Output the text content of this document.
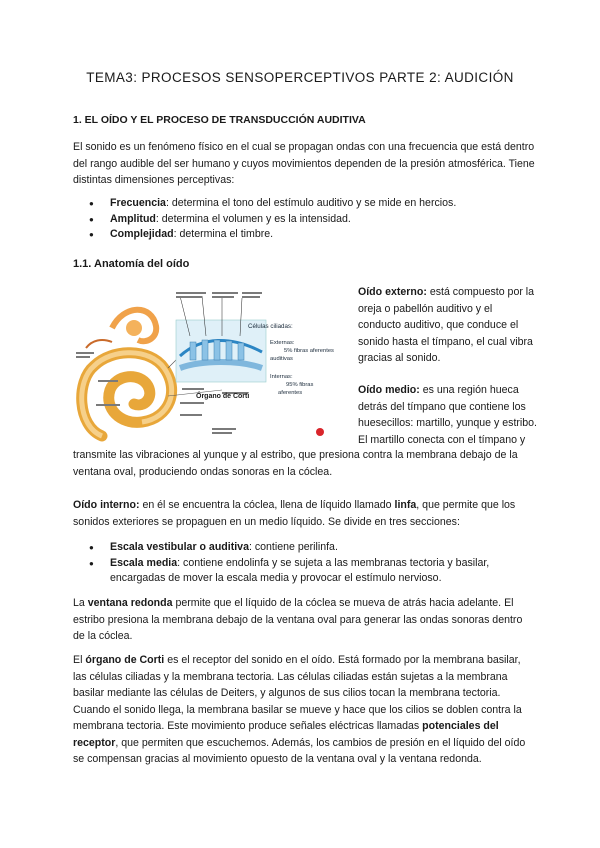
TEMA3: PROCESOS SENSOPERCEPTIVOS PARTE 2: AUDICIÓN
1. EL OÍDO Y EL PROCESO DE TRANSDUCCIÓN AUDITIVA

El sonido es un fenómeno físico en el cual se propagan ondas con una frecuencia que está dentro del rango audible del ser humano y cuyos movimientos dependen de la presión atmosférica. Tiene distintas dimensiones perceptivas:

● Frecuencia: determina el tono del estímulo auditivo y se mide en hercios.
● Amplitud: determina el volumen y es la intensidad.
● Complejidad: determina el timbre.
1.1. Anatomía del oído
Células ciliadas:
Externas:
5% fibras aferentes
auditivas
Internas:
95% fibras
aferentes
Órgano de Corti

Oído externo: está compuesto por la oreja o pabellón auditivo y el conducto auditivo, que conduce el sonido hasta el tímpano, el cual vibra gracias al sonido.

Oído medio: es una región hueca detrás del tímpano que contiene los huesecillos: martillo, yunque y estribo. El martillo conecta con el tímpano y

transmite las vibraciones al yunque y al estribo, que presiona contra la membrana debajo de la ventana oval, produciendo ondas sonoras en la cóclea.

Oído interno: en él se encuentra la cóclea, llena de líquido llamado linfa, que permite que los sonidos exteriores se propaguen en un medio líquido. Se divide en tres secciones:

● Escala vestibular o auditiva: contiene perilinfa.
● Escala media: contiene endolinfa y se sujeta a las membranas tectoria y basilar, encargadas de mover la escala media y provocar el estímulo nervioso.

La ventana redonda permite que el líquido de la cóclea se mueva de atrás hacia adelante. El estribo presiona la membrana debajo de la ventana oval para generar las ondas sonoras dentro de la cóclea.

El órgano de Corti es el receptor del sonido en el oído. Está formado por la membrana basilar, las células ciliadas y la membrana tectoria. Las células ciliadas están sujetas a la membrana basilar mediante las células de Deiters, y algunos de sus cilios tocan la membrana tectoria. Cuando el sonido llega, la membrana basilar se mueve y hace que los cilios se doblen contra la membrana tectoria. Este movimiento produce señales eléctricas llamadas potenciales del receptor, que permiten que escuchemos. Además, los cambios de presión en el líquido del oído se compensan gracias al movimiento opuesto de la ventana oval y la ventana redonda.
